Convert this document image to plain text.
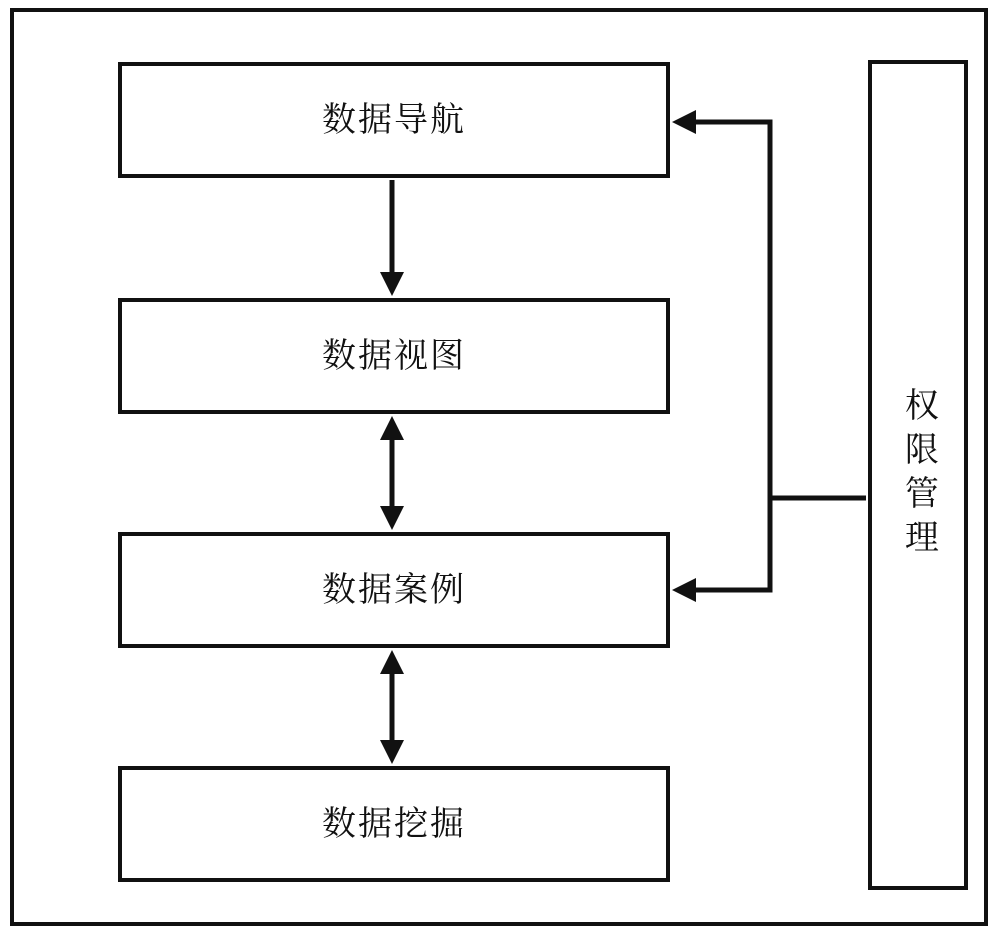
数据导航
数据视图
数据案例
数据挖掘
权限管理
